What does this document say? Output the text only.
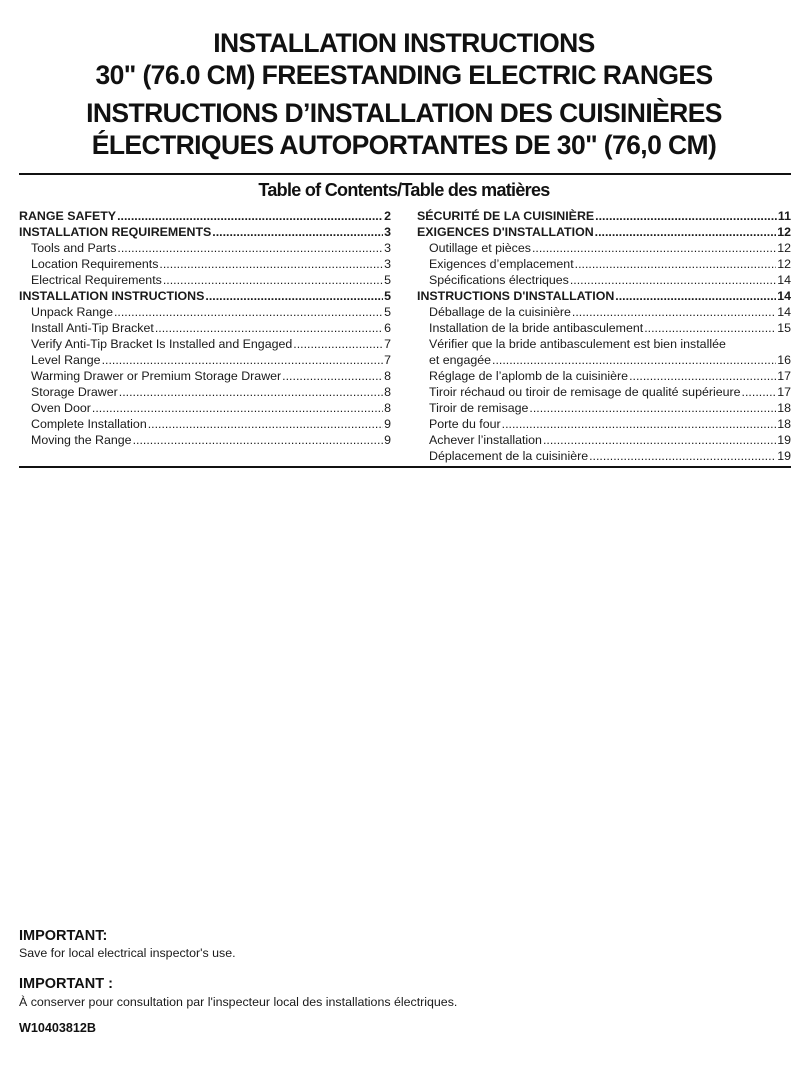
INSTALLATION INSTRUCTIONS
30" (76.0 CM) FREESTANDING ELECTRIC RANGES
INSTRUCTIONS D’INSTALLATION DES CUISINIÈRES
ÉLECTRIQUES AUTOPORTANTES DE 30" (76,0 CM)
Table of Contents/Table des matières
RANGE SAFETY .....	2
INSTALLATION REQUIREMENTS .....	3
Tools and Parts .....	3
Location Requirements .....	3
Electrical Requirements .....	5
INSTALLATION INSTRUCTIONS .....	5
Unpack Range .....	5
Install Anti-Tip Bracket .....	6
Verify Anti-Tip Bracket Is Installed and Engaged .....	7
Level Range .....	7
Warming Drawer or Premium Storage Drawer .....	8
Storage Drawer .....	8
Oven Door .....	8
Complete Installation .....	9
Moving the Range .....	9
SÉCURITÉ DE LA CUISINIÈRE .....	11
EXIGENCES D'INSTALLATION .....	12
Outillage et pièces .....	12
Exigences d’emplacement .....	12
Spécifications électriques .....	14
INSTRUCTIONS D'INSTALLATION .....	14
Déballage de la cuisinière .....	14
Installation de la bride antibasculement .....	15
Vérifier que la bride antibasculement est bien installée
et engagée .....	16
Réglage de l’aplomb de la cuisinière .....	17
Tiroir réchaud ou tiroir de remisage de qualité supérieure .....	17
Tiroir de remisage .....	18
Porte du four .....	18
Achever l’installation .....	19
Déplacement de la cuisinière .....	19
IMPORTANT:
Save for local electrical inspector's use.
IMPORTANT :
À conserver pour consultation par l'inspecteur local des installations électriques.
W10403812B
